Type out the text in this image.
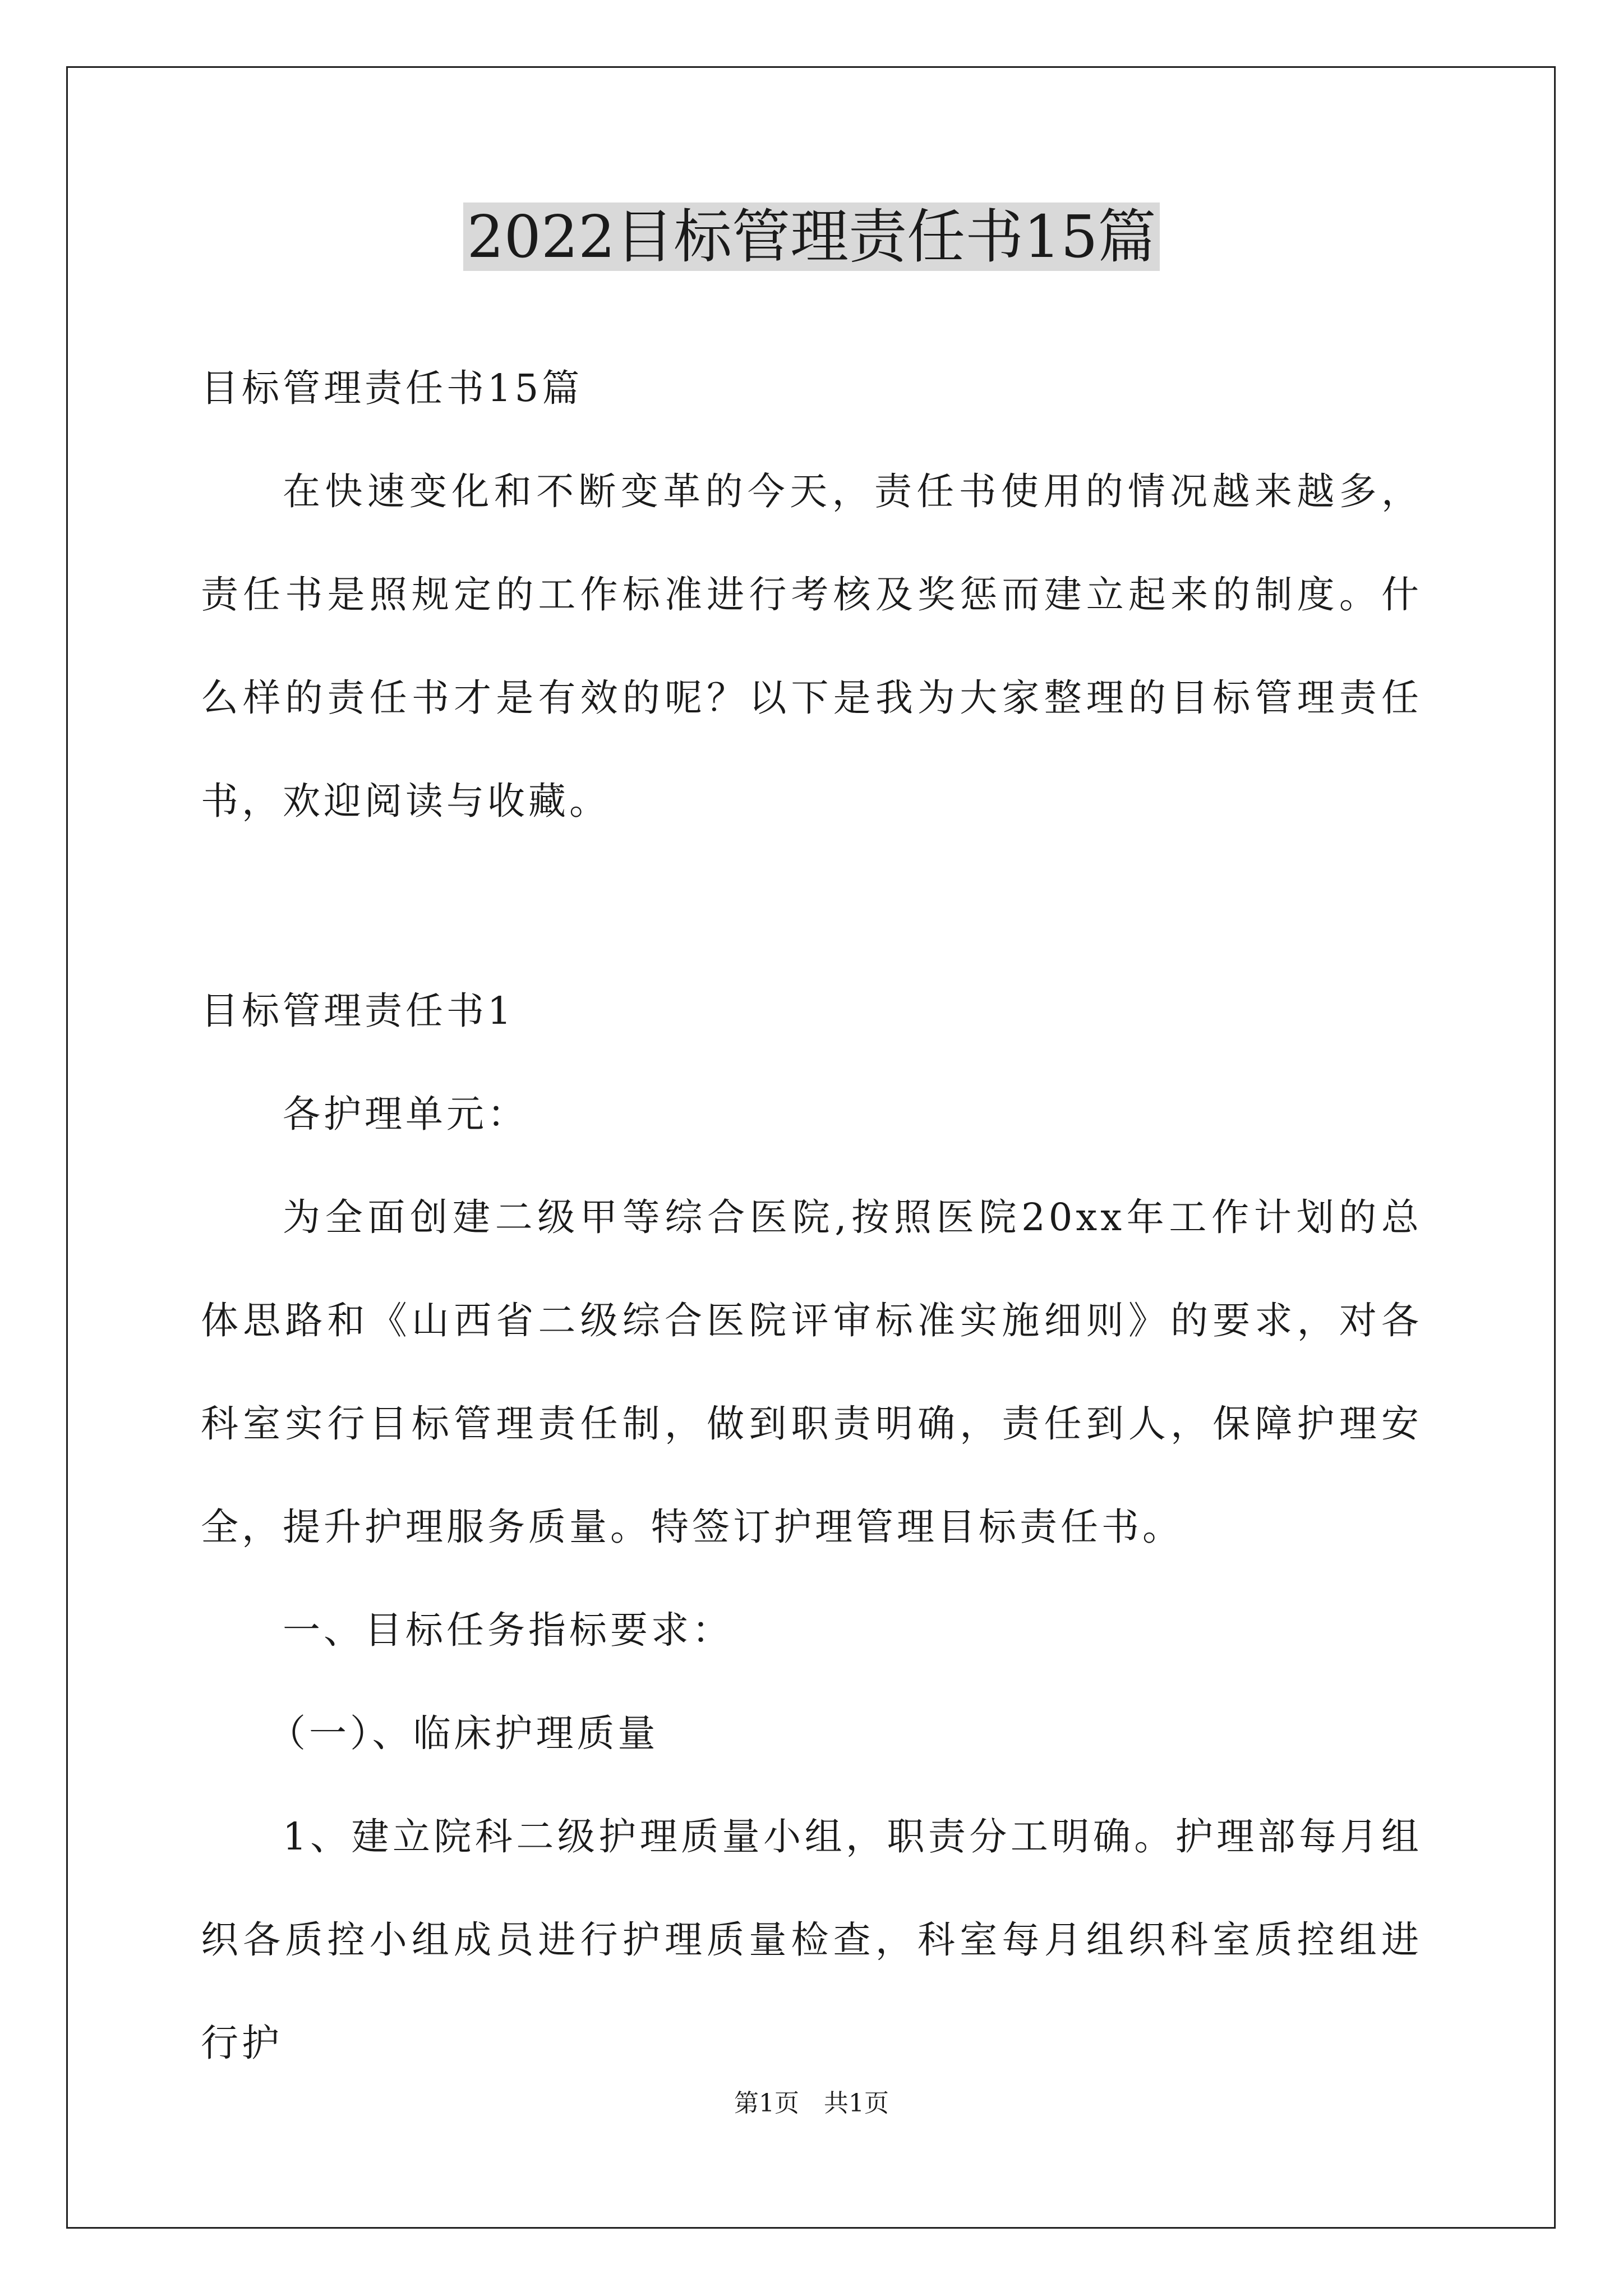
2022目标管理责任书15篇
目标管理责任书15篇

在快速变化和不断变革的今天，责任书使用的情况越来越多，责任书是照规定的工作标准进行考核及奖惩而建立起来的制度。什么样的责任书才是有效的呢？以下是我为大家整理的目标管理责任书，欢迎阅读与收藏。

目标管理责任书1
各护理单元：

为全面创建二级甲等综合医院,按照医院20xx年工作计划的总体思路和《山西省二级综合医院评审标准实施细则》的要求，对各科室实行目标管理责任制，做到职责明确，责任到人，保障护理安全，提升护理服务质量。特签订护理管理目标责任书。

一、目标任务指标要求：
（一）、临床护理质量

1、建立院科二级护理质量小组，职责分工明确。护理部每月组织各质控小组成员进行护理质量检查，科室每月组织科室质控组进行护

第1页　共1页
